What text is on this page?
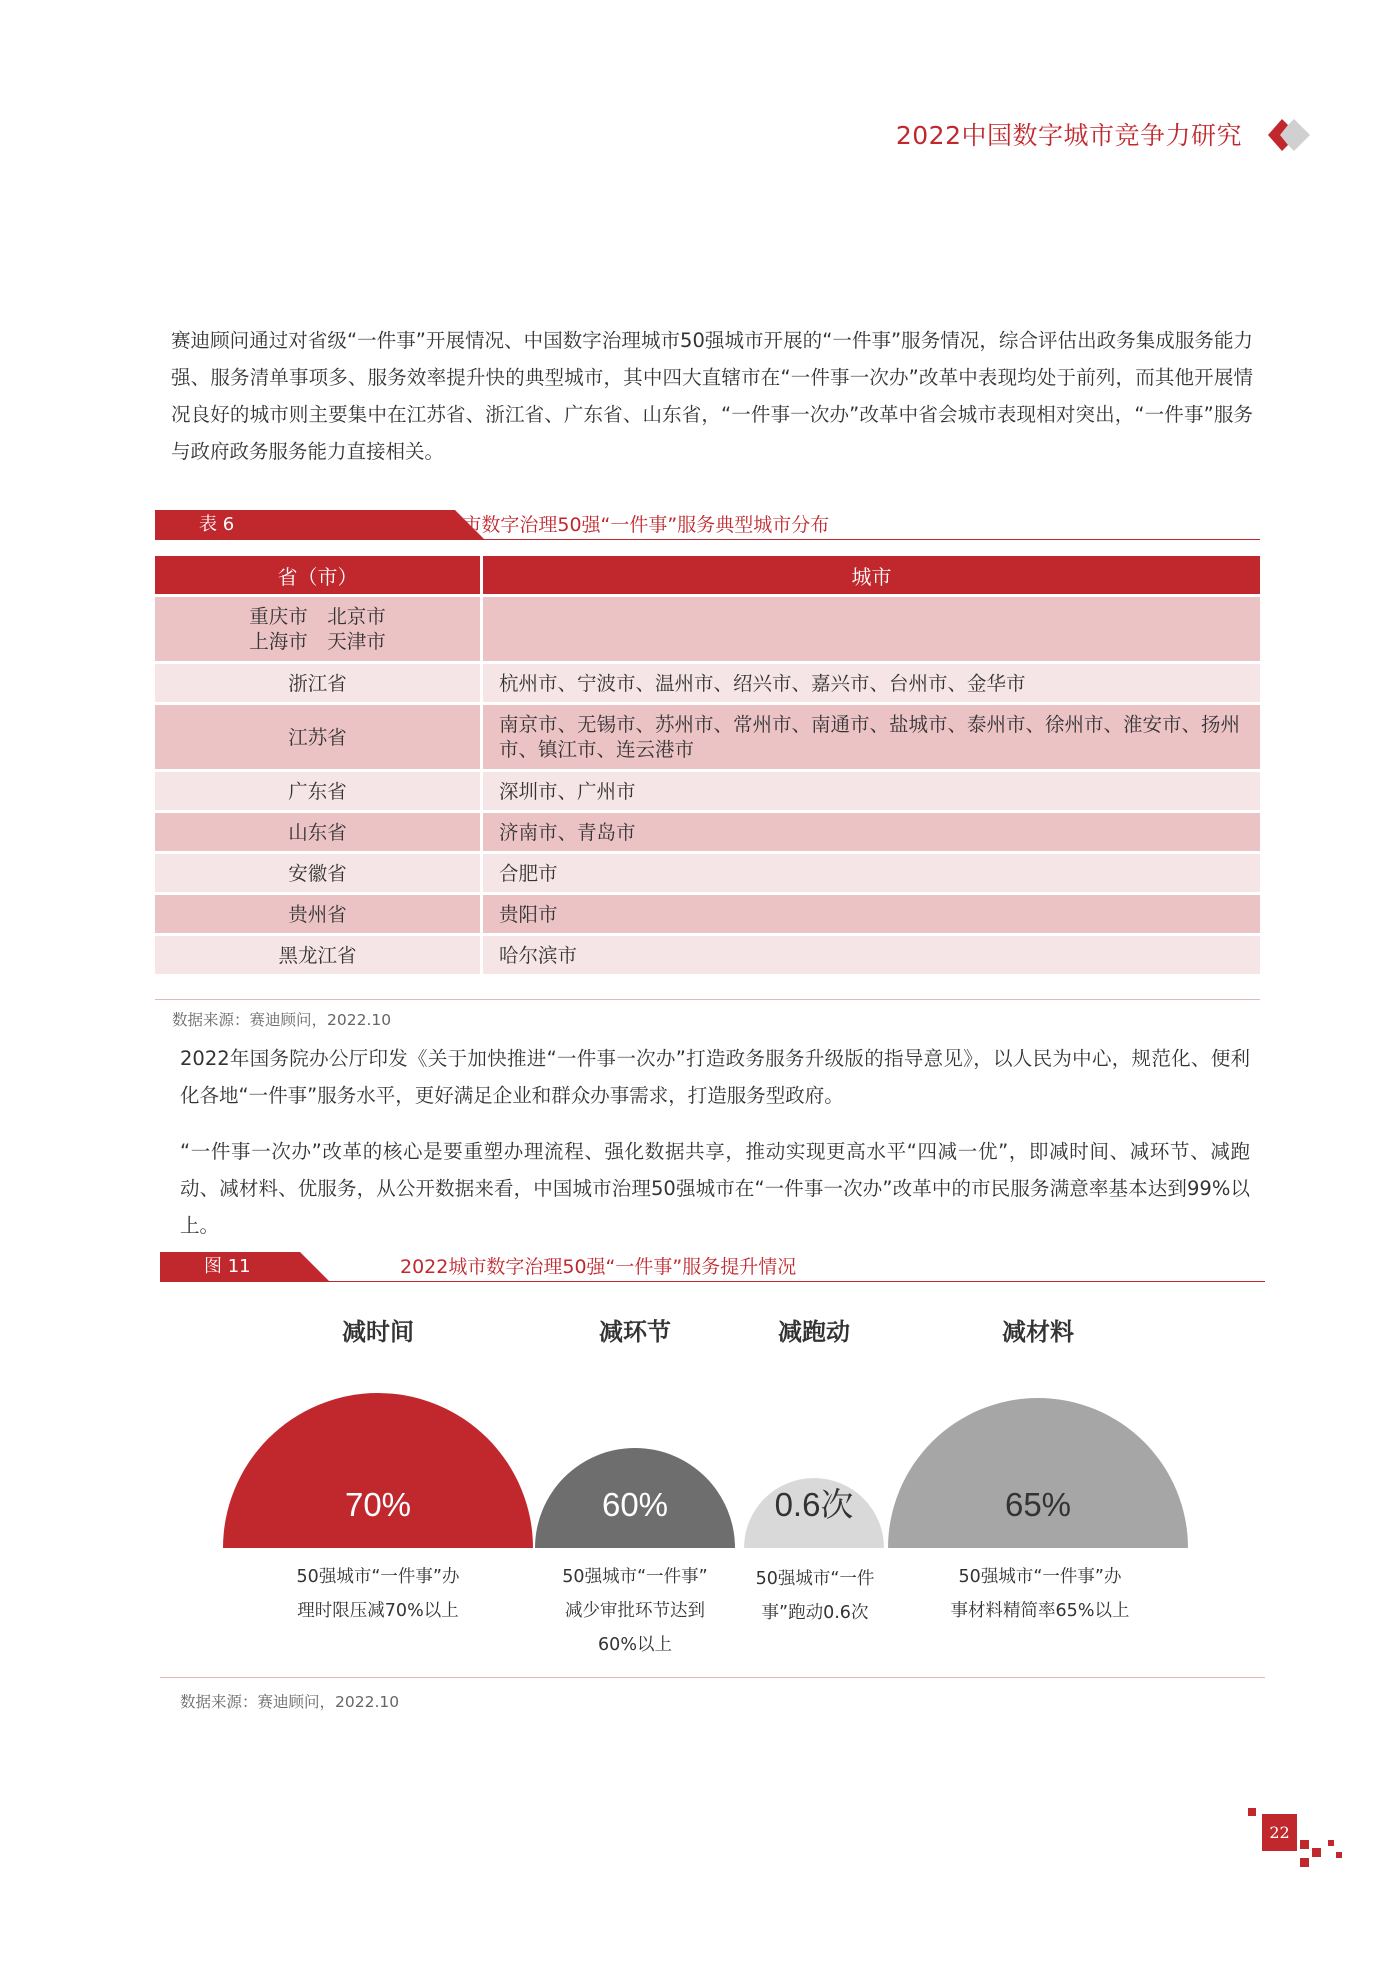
2022中国数字城市竞争力研究

赛迪顾问通过对省级“一件事”开展情况、中国数字治理城市50强城市开展的“一件事”服务情况，综合评估出政务集成服务能力强、服务清单事项多、服务效率提升快的典型城市，其中四大直辖市在“一件事一次办”改革中表现均处于前列，而其他开展情况良好的城市则主要集中在江苏省、浙江省、广东省、山东省，“一件事一次办”改革中省会城市表现相对突出，“一件事”服务与政府政务服务能力直接相关。

表 6	2022城市数字治理50强“一件事”服务典型城市分布
省（市）	城市
重庆市　北京市
上海市　天津市	
浙江省	杭州市、宁波市、温州市、绍兴市、嘉兴市、台州市、金华市
江苏省	南京市、无锡市、苏州市、常州市、南通市、盐城市、泰州市、徐州市、淮安市、扬州市、镇江市、连云港市
广东省	深圳市、广州市
山东省	济南市、青岛市
安徽省	合肥市
贵州省	贵阳市
黑龙江省	哈尔滨市
数据来源：赛迪顾问，2022.10

2022年国务院办公厅印发《关于加快推进“一件事一次办”打造政务服务升级版的指导意见》，以人民为中心，规范化、便利化各地“一件事”服务水平，更好满足企业和群众办事需求，打造服务型政府。

“一件事一次办”改革的核心是要重塑办理流程、强化数据共享，推动实现更高水平“四减一优”，即减时间、减环节、减跑动、减材料、优服务，从公开数据来看，中国城市治理50强城市在“一件事一次办”改革中的市民服务满意率基本达到99%以上。

图 11	2022城市数字治理50强“一件事”服务提升情况
减时间	减环节	减跑动	减材料
70%	60%	0.6次	65%
50强城市“一件事”办
理时限压减70%以上
50强城市“一件事”
减少审批环节达到
60%以上
50强城市“一件
事”跑动0.6次
50强城市“一件事”办
事材料精简率65%以上
数据来源：赛迪顾问，2022.10
22
